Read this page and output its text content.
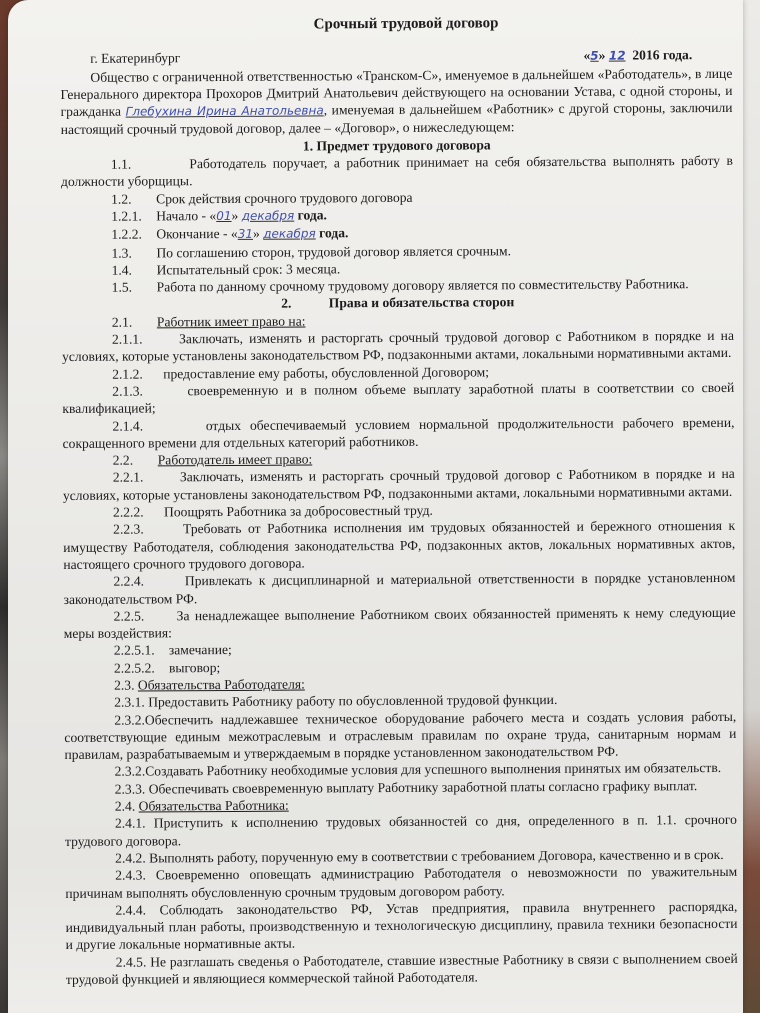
Срочный трудовой договор
г. Екатеринбург	«5» 12 2016 года.

Общество с ограниченной ответственностью «Транском-С», именуемое в дальнейшем «Работодатель», в лице Генерального директора Прохоров Дмитрий Анатольевич действующего на основании Устава, с одной стороны, и гражданка Глебухина Ирина Анатольевна, именуемая в дальнейшем «Работник» с другой стороны, заключили настоящий срочный трудовой договор, далее – «Договор», о нижеследующем:

1. Предмет трудового договора

1.1.	Работодатель поручает, а работник принимает на себя обязательства выполнять работу в должности уборщицы.

1.2.	Срок действия срочного трудового договора
1.2.1.	Начало - «01» декабря года.
1.2.2.	Окончание - «31» декабря года.
1.3.	По соглашению сторон, трудовой договор является срочным.
1.4.	Испытательный срок: 3 месяца.
1.5.	Работа по данному срочному трудовому договору является по совместительству Работника.

2.	Права и обязательства сторон

2.1.	Работник имеет право на:

2.1.1.	Заключать, изменять и расторгать срочный трудовой договор с Работником в порядке и на условиях, которые установлены законодательством РФ, подзаконными актами, локальными нормативными актами.

2.1.2. предоставление ему работы, обусловленной Договором;

2.1.3.	своевременную и в полном объеме выплату заработной платы в соответствии со своей квалификацией;

2.1.4.	отдых обеспечиваемый условием нормальной продолжительности рабочего времени, сокращенного времени для отдельных категорий работников.

2.2.	Работодатель имеет право:

2.2.1.	Заключать, изменять и расторгать срочный трудовой договор с Работником в порядке и на условиях, которые установлены законодательством РФ, подзаконными актами, локальными нормативными актами.

2.2.2. Поощрять Работника за добросовестный труд.

2.2.3.	Требовать от Работника исполнения им трудовых обязанностей и бережного отношения к имуществу Работодателя, соблюдения законодательства РФ, подзаконных актов, локальных нормативных актов, настоящего срочного трудового договора.

2.2.4.	Привлекать к дисциплинарной и материальной ответственности в порядке установленном законодательством РФ.

2.2.5. За ненадлежащее выполнение Работником своих обязанностей применять к нему следующие меры воздействия:

2.2.5.1.	замечание;
2.2.5.2.	выговор;

2.3. Обязательства Работодателя:

2.3.1. Предоставить Работнику работу по обусловленной трудовой функции.

2.3.2.Обеспечить надлежавшее техническое оборудование рабочего места и создать условия работы, соответствующие единым межотраслевым и отраслевым правилам по охране труда, санитарным нормам и правилам, разрабатываемым и утверждаемым в порядке установленном законодательством РФ.

2.3.2.Создавать Работнику необходимые условия для успешного выполнения принятых им обязательств.

2.3.3. Обеспечивать своевременную выплату Работнику заработной платы согласно графику выплат.

2.4. Обязательства Работника:

2.4.1. Приступить к исполнению трудовых обязанностей со дня, определенного в п. 1.1. срочного трудового договора.

2.4.2. Выполнять работу, порученную ему в соответствии с требованием Договора, качественно и в срок.

2.4.3. Своевременно оповещать администрацию Работодателя о невозможности по уважительным причинам выполнять обусловленную срочным трудовым договором работу.

2.4.4. Соблюдать законодательство РФ, Устав предприятия, правила внутреннего распорядка, индивидуальный план работы, производственную и технологическую дисциплину, правила техники безопасности и другие локальные нормативные акты.

2.4.5. Не разглашать сведенья о Работодателе, ставшие известные Работнику в связи с выполнением своей трудовой функцией и являющиеся коммерческой тайной Работодателя.
